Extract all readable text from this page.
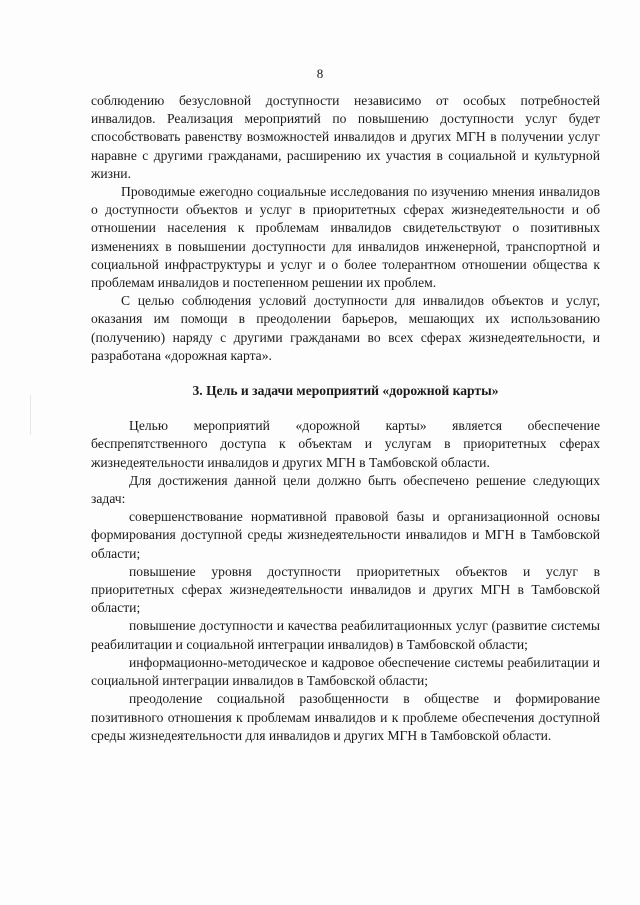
8

соблюдению безусловной доступности независимо от особых потребностей инвалидов. Реализация мероприятий по повышению доступности услуг будет способствовать равенству возможностей инвалидов и других МГН в получении услуг наравне с другими гражданами, расширению их участия в социальной и культурной жизни.

Проводимые ежегодно социальные исследования по изучению мнения инвалидов о доступности объектов и услуг в приоритетных сферах жизнедеятельности и об отношении населения к проблемам инвалидов свидетельствуют о позитивных изменениях в повышении доступности для инвалидов инженерной, транспортной и социальной инфраструктуры и услуг и о более толерантном отношении общества к проблемам инвалидов и постепенном решении их проблем.

С целью соблюдения условий доступности для инвалидов объектов и услуг, оказания им помощи в преодолении барьеров, мешающих их использованию (получению) наряду с другими гражданами во всех сферах жизнедеятельности, и разработана «дорожная карта».

3. Цель и задачи мероприятий «дорожной карты»

Целью мероприятий «дорожной карты» является обеспечение беспрепятственного доступа к объектам и услугам в приоритетных сферах жизнедеятельности инвалидов и других МГН в Тамбовской области.

Для достижения данной цели должно быть обеспечено решение следующих задач:

совершенствование нормативной правовой базы и организационной основы формирования доступной среды жизнедеятельности инвалидов и МГН в Тамбовской области;

повышение уровня доступности приоритетных объектов и услуг в приоритетных сферах жизнедеятельности инвалидов и других МГН в Тамбовской области;

повышение доступности и качества реабилитационных услуг (развитие системы реабилитации и социальной интеграции инвалидов) в Тамбовской области;

информационно-методическое и кадровое обеспечение системы реабилитации и социальной интеграции инвалидов в Тамбовской области;

преодоление социальной разобщенности в обществе и формирование позитивного отношения к проблемам инвалидов и к проблеме обеспечения доступной среды жизнедеятельности для инвалидов и других МГН в Тамбовской области.
